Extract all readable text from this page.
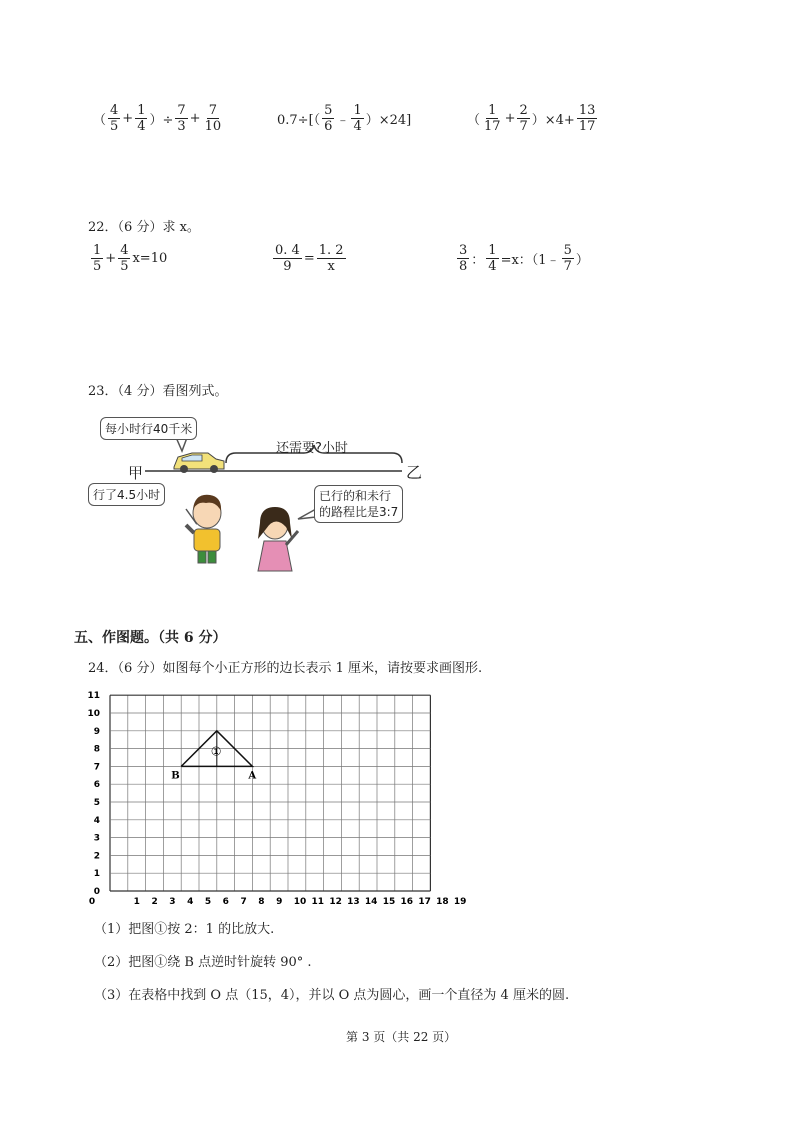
（ $\frac{4}{5} + \frac{1}{4}$ ）÷ $\frac{7}{3} + \frac{7}{10}$	$0.7\div[( \frac{5}{6}$ ﹣ $\frac{1}{4} )\times 24$]	（ $\frac{1}{17} + \frac{2}{7} )\times 4+ \frac{13}{17}$
22．（6 分）求 x。
$\frac{1}{5} + \frac{4}{5} x=10$	$\frac{0. 4}{9} = \frac{1. 2}{x}$	$\frac{3}{8}$ ： $\frac{1}{4} =x$：（1﹣ $\frac{5}{7}$ ）
23．（4 分）看图列式。
每小时行40千米
还需要?小时
甲	乙
行了4.5小时	已行的和未行
的路程比是3:7
五、作图题。（共 6 分）
24．（6 分）如图每个小正方形的边长表示 1 厘米，请按要求画图形.
0	1 2 3 4 5 6 7 8 9 10 11 12 13 14 15 16 17 18 19
0
1
2
3
4
5
6
7
8
9
10
11
B	A
①
（1）把图①按 2：1 的比放大.
（2）把图①绕 B 点逆时针旋转 90° .
（3）在表格中找到 O 点（15，4），并以 O 点为圆心，画一个直径为 4 厘米的圆.
第 3 页（共 22 页）
